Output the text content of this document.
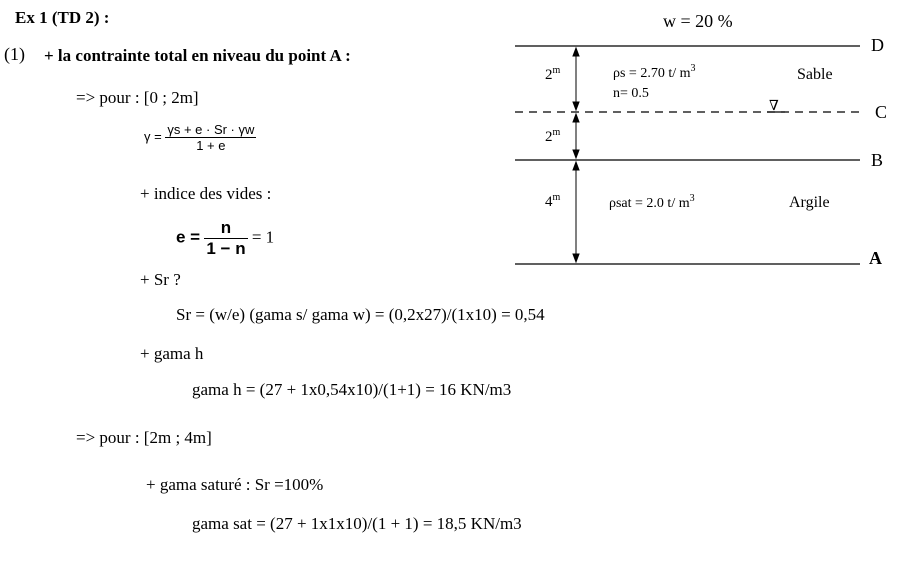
Ex 1 (TD 2) :
(1) + la contrainte total en niveau du point A :
=> pour : [0 ; 2m]
$\gamma = \frac{\gamma s + e \cdot Sr \cdot \gamma w}{1 + e}$
+ indice des vides :
$e = \frac{n}{1 - n} = 1$
+ Sr ?
Sr = (w/e) (gama s/ gama w) = (0,2x27)/(1x10) = 0,54
+ gama h
gama h = (27 + 1x0,54x10)/(1+1) = 16 KN/m3
=> pour : [2m ; 4m]
+ gama saturé : Sr =100%
gama sat = (27 + 1x1x10)/(1 + 1) = 18,5 KN/m3
w = 20 %
D
C
B
A
2$^m$	ρs = 2.70 t/ $m^3$
n= 0.5
Sable
∇
2$^m$
4$^m$	ρsat = 2.0 t/ $m^3$	Argile
